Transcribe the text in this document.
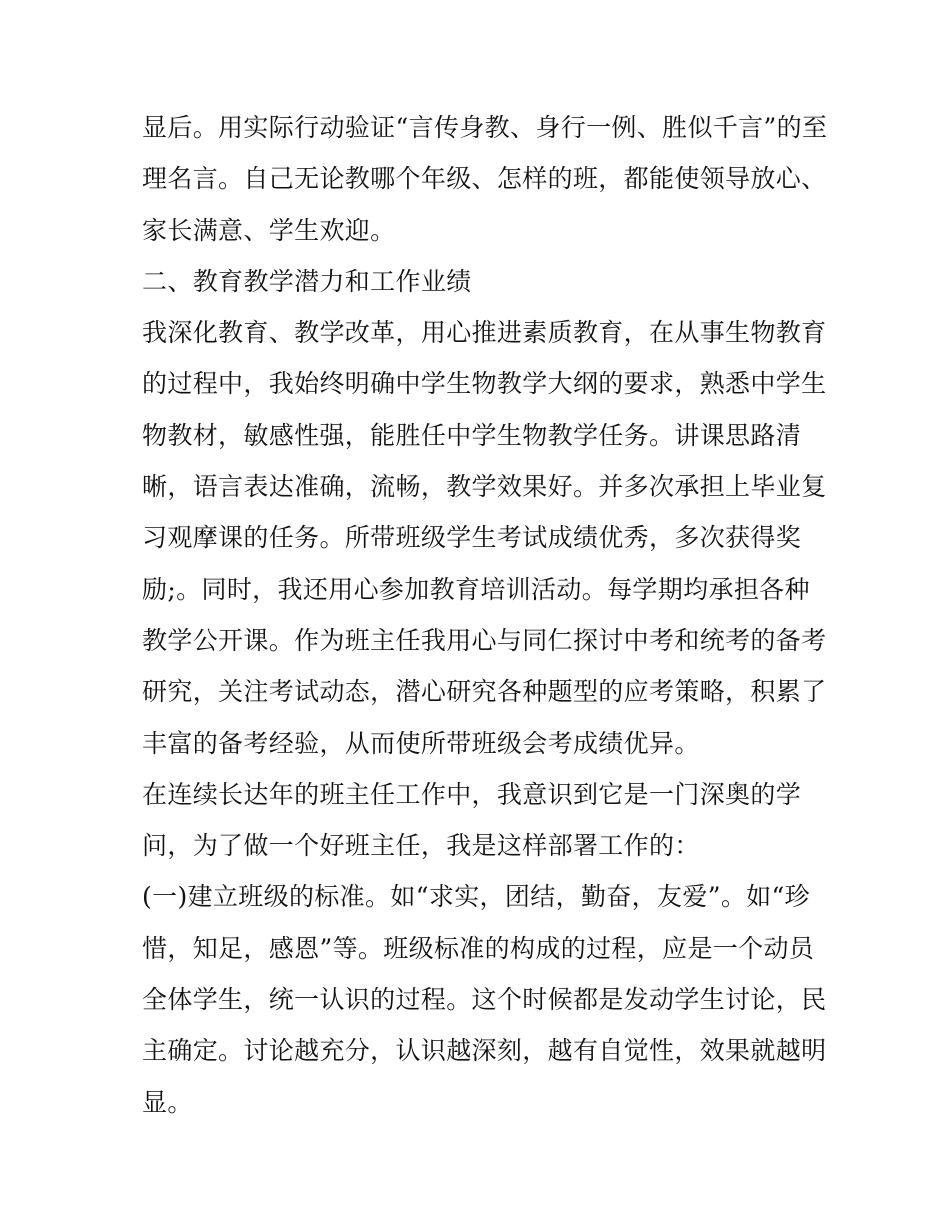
显后。用实际行动验证“言传身教、身行一例、胜似千言”的至
理名言。自己无论教哪个年级、怎样的班，都能使领导放心、
家长满意、学生欢迎。
二、教育教学潜力和工作业绩
我深化教育、教学改革，用心推进素质教育，在从事生物教育
的过程中，我始终明确中学生物教学大纲的要求，熟悉中学生
物教材，敏感性强，能胜任中学生物教学任务。讲课思路清
晰，语言表达准确，流畅，教学效果好。并多次承担上毕业复
习观摩课的任务。所带班级学生考试成绩优秀，多次获得奖
励;。同时，我还用心参加教育培训活动。每学期均承担各种
教学公开课。作为班主任我用心与同仁探讨中考和统考的备考
研究，关注考试动态，潜心研究各种题型的应考策略，积累了
丰富的备考经验，从而使所带班级会考成绩优异。
在连续长达年的班主任工作中，我意识到它是一门深奥的学
问，为了做一个好班主任，我是这样部署工作的：
(一)建立班级的标准。如“求实，团结，勤奋，友爱”。如“珍
惜，知足，感恩”等。班级标准的构成的过程，应是一个动员
全体学生，统一认识的过程。这个时候都是发动学生讨论，民
主确定。讨论越充分，认识越深刻，越有自觉性，效果就越明
显。
